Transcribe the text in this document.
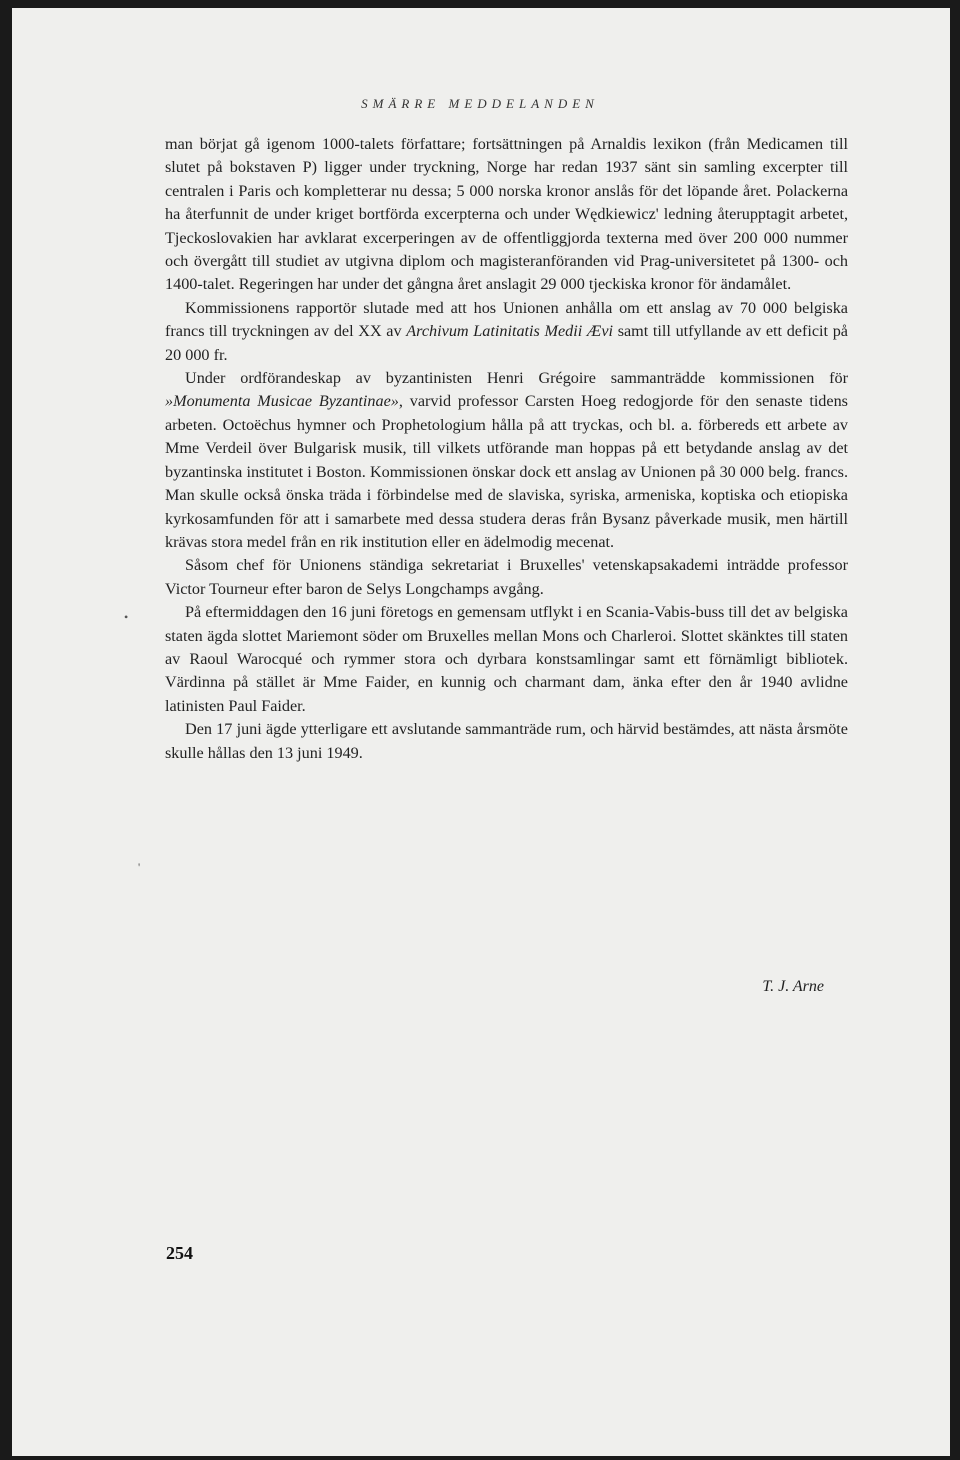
SMÄRRE MEDDELANDEN

man börjat gå igenom 1000-talets författare; fortsättningen på Arnaldis lexikon (från Medicamen till slutet på bokstaven P) ligger under tryckning, Norge har redan 1937 sänt sin samling excerpter till centralen i Paris och kompletterar nu dessa; 5 000 norska kronor anslås för det löpande året. Polackerna ha återfunnit de under kriget bortförda excerpterna och under Wędkiewicz' ledning återupptagit arbetet, Tjeckoslovakien har avklarat excerperingen av de offentliggjorda texterna med över 200 000 nummer och övergått till studiet av utgivna diplom och magisteranföranden vid Prag-universitetet på 1300- och 1400-talet. Regeringen har under det gångna året anslagit 29 000 tjeckiska kronor för ändamålet.

Kommissionens rapportör slutade med att hos Unionen anhålla om ett anslag av 70 000 belgiska francs till tryckningen av del XX av Archivum Latinitatis Medii Ævi samt till utfyllande av ett deficit på 20 000 fr.

Under ordförandeskap av byzantinisten Henri Grégoire sammanträdde kommissionen för »Monumenta Musicae Byzantinae», varvid professor Carsten Hoeg redogjorde för den senaste tidens arbeten. Octoëchus hymner och Prophetologium hålla på att tryckas, och bl. a. förbereds ett arbete av Mme Verdeil över Bulgarisk musik, till vilkets utförande man hoppas på ett betydande anslag av det byzantinska institutet i Boston. Kommissionen önskar dock ett anslag av Unionen på 30 000 belg. francs. Man skulle också önska träda i förbindelse med de slaviska, syriska, armeniska, koptiska och etiopiska kyrkosamfunden för att i samarbete med dessa studera deras från Bysanz påverkade musik, men härtill krävas stora medel från en rik institution eller en ädelmodig mecenat.

Såsom chef för Unionens ständiga sekretariat i Bruxelles' vetenskapsakademi inträdde professor Victor Tourneur efter baron de Selys Longchamps avgång.

På eftermiddagen den 16 juni företogs en gemensam utflykt i en Scania-Vabis-buss till det av belgiska staten ägda slottet Mariemont söder om Bruxelles mellan Mons och Charleroi. Slottet skänktes till staten av Raoul Warocqué och rymmer stora och dyrbara konstsamlingar samt ett förnämligt bibliotek. Värdinna på stället är Mme Faider, en kunnig och charmant dam, änka efter den år 1940 avlidne latinisten Paul Faider.

Den 17 juni ägde ytterligare ett avslutande sammanträde rum, och härvid bestämdes, att nästa årsmöte skulle hållas den 13 juni 1949.

T. J. Arne
254
•
'
